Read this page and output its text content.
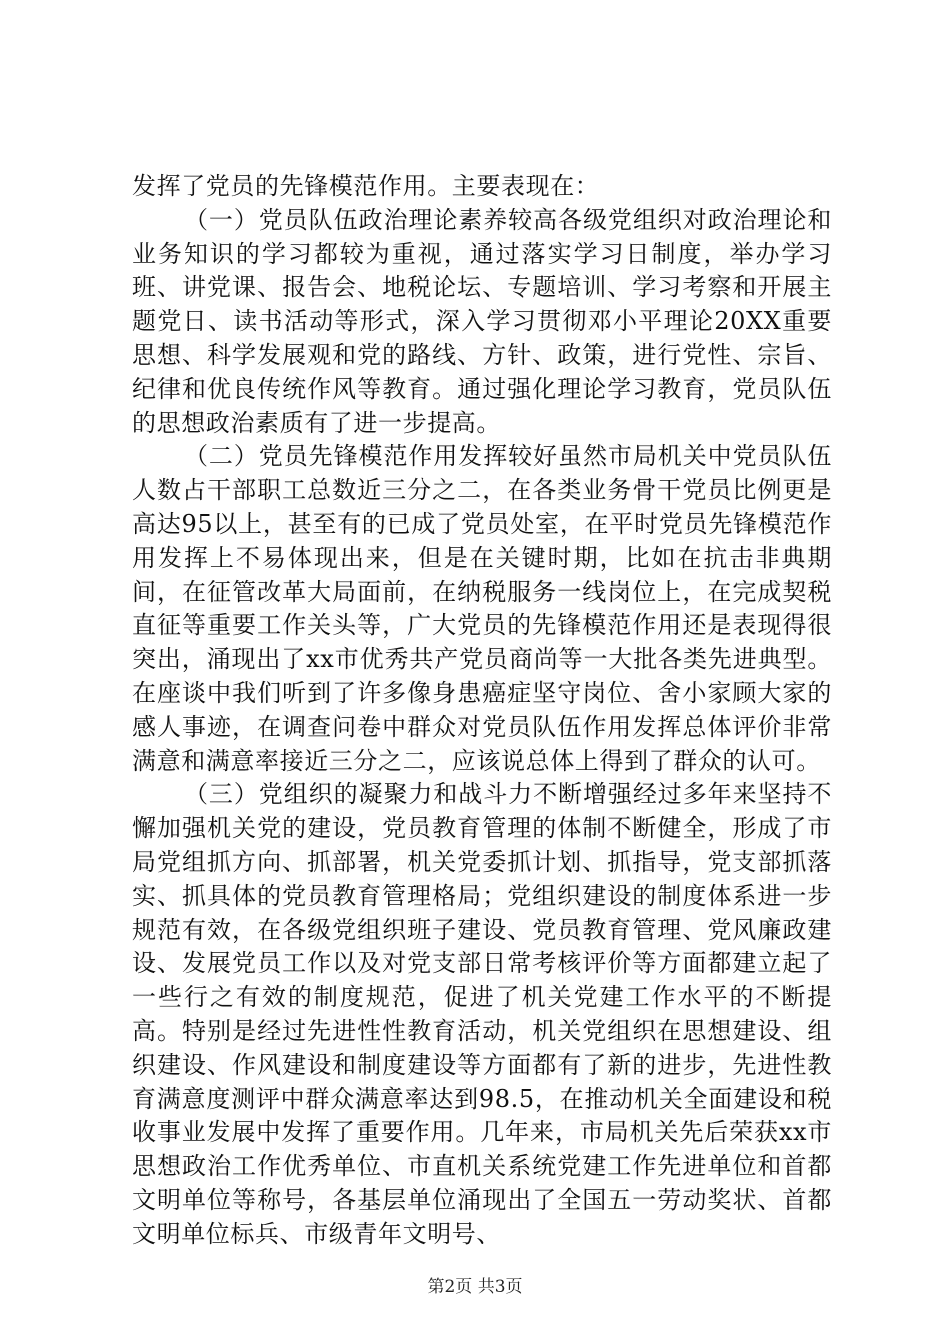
发挥了党员的先锋模范作用。主要表现在：

（一）党员队伍政治理论素养较高各级党组织对政治理论和业务知识的学习都较为重视，通过落实学习日制度，举办学习班、讲党课、报告会、地税论坛、专题培训、学习考察和开展主题党日、读书活动等形式，深入学习贯彻邓小平理论20XX重要思想、科学发展观和党的路线、方针、政策，进行党性、宗旨、纪律和优良传统作风等教育。通过强化理论学习教育，党员队伍的思想政治素质有了进一步提高。

（二）党员先锋模范作用发挥较好虽然市局机关中党员队伍人数占干部职工总数近三分之二，在各类业务骨干党员比例更是高达95以上，甚至有的已成了党员处室，在平时党员先锋模范作用发挥上不易体现出来，但是在关键时期，比如在抗击非典期间，在征管改革大局面前，在纳税服务一线岗位上，在完成契税直征等重要工作关头等，广大党员的先锋模范作用还是表现得很突出，涌现出了xx市优秀共产党员商尚等一大批各类先进典型。在座谈中我们听到了许多像身患癌症坚守岗位、舍小家顾大家的感人事迹，在调查问卷中群众对党员队伍作用发挥总体评价非常满意和满意率接近三分之二，应该说总体上得到了群众的认可。

（三）党组织的凝聚力和战斗力不断增强经过多年来坚持不懈加强机关党的建设，党员教育管理的体制不断健全，形成了市局党组抓方向、抓部署，机关党委抓计划、抓指导，党支部抓落实、抓具体的党员教育管理格局；党组织建设的制度体系进一步规范有效，在各级党组织班子建设、党员教育管理、党风廉政建设、发展党员工作以及对党支部日常考核评价等方面都建立起了一些行之有效的制度规范，促进了机关党建工作水平的不断提高。特别是经过先进性性教育活动，机关党组织在思想建设、组织建设、作风建设和制度建设等方面都有了新的进步，先进性教育满意度测评中群众满意率达到98.5，在推动机关全面建设和税收事业发展中发挥了重要作用。几年来，市局机关先后荣获xx市思想政治工作优秀单位、市直机关系统党建工作先进单位和首都文明单位等称号，各基层单位涌现出了全国五一劳动奖状、首都文明单位标兵、市级青年文明号、

第2页 共3页
